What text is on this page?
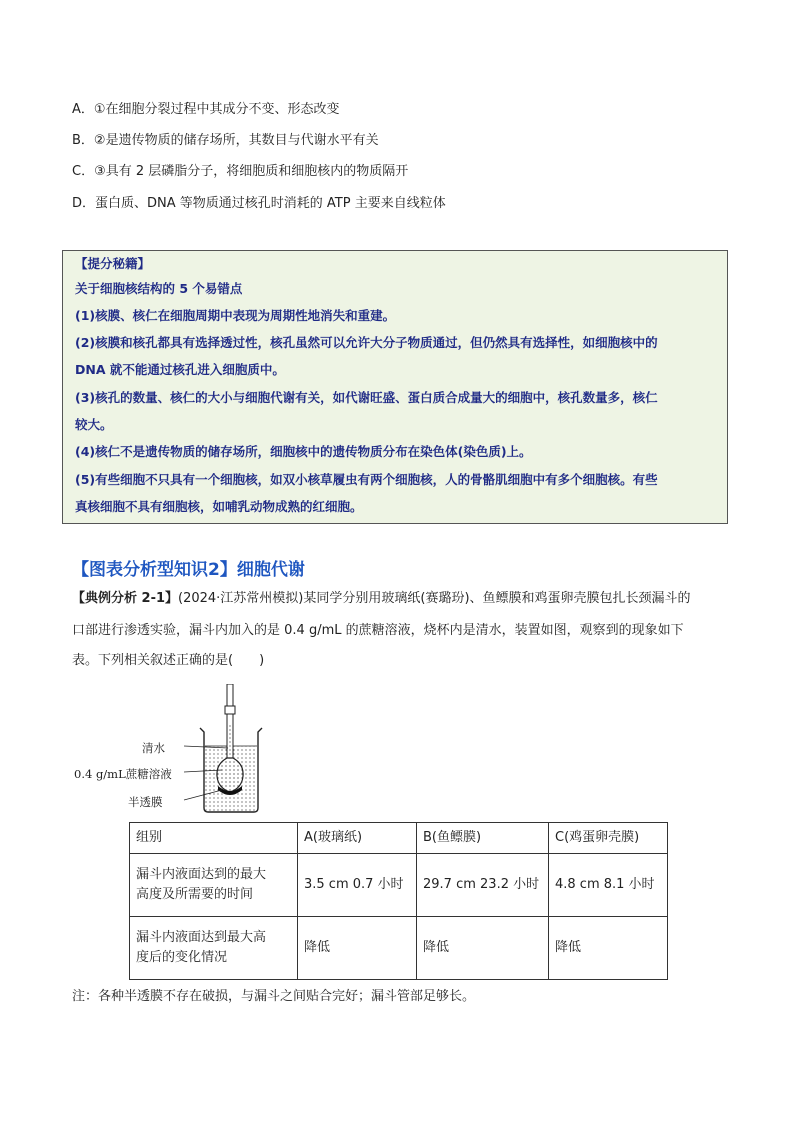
A．①在细胞分裂过程中其成分不变、形态改变
B．②是遗传物质的储存场所，其数目与代谢水平有关
C．③具有 2 层磷脂分子，将细胞质和细胞核内的物质隔开
D．蛋白质、DNA 等物质通过核孔时消耗的 ATP 主要来自线粒体
【提分秘籍】
关于细胞核结构的 5 个易错点
(1)核膜、核仁在细胞周期中表现为周期性地消失和重建。
(2)核膜和核孔都具有选择透过性，核孔虽然可以允许大分子物质通过，但仍然具有选择性，如细胞核中的
DNA 就不能通过核孔进入细胞质中。
(3)核孔的数量、核仁的大小与细胞代谢有关，如代谢旺盛、蛋白质合成量大的细胞中，核孔数量多，核仁
较大。
(4)核仁不是遗传物质的储存场所，细胞核中的遗传物质分布在染色体(染色质)上。
(5)有些细胞不只具有一个细胞核，如双小核草履虫有两个细胞核，人的骨骼肌细胞中有多个细胞核。有些
真核细胞不具有细胞核，如哺乳动物成熟的红细胞。
【图表分析型知识2】细胞代谢
【典例分析 2-1】(2024·江苏常州模拟)某同学分别用玻璃纸(赛璐玢)、鱼鳔膜和鸡蛋卵壳膜包扎长颈漏斗的
口部进行渗透实验，漏斗内加入的是 0.4 g/mL 的蔗糖溶液，烧杯内是清水，装置如图，观察到的现象如下
表。下列相关叙述正确的是(　　)
清水
0.4 g/mL蔗糖溶液
半透膜
组别	A(玻璃纸)	B(鱼鳔膜)	C(鸡蛋卵壳膜)

漏斗内液面达到的最大
高度及所需要的时间	3.5 cm 0.7 小时	29.7 cm 23.2 小时	4.8 cm 8.1 小时

漏斗内液面达到最大高
度后的变化情况	降低	降低	降低
注：各种半透膜不存在破损，与漏斗之间贴合完好；漏斗管部足够长。
